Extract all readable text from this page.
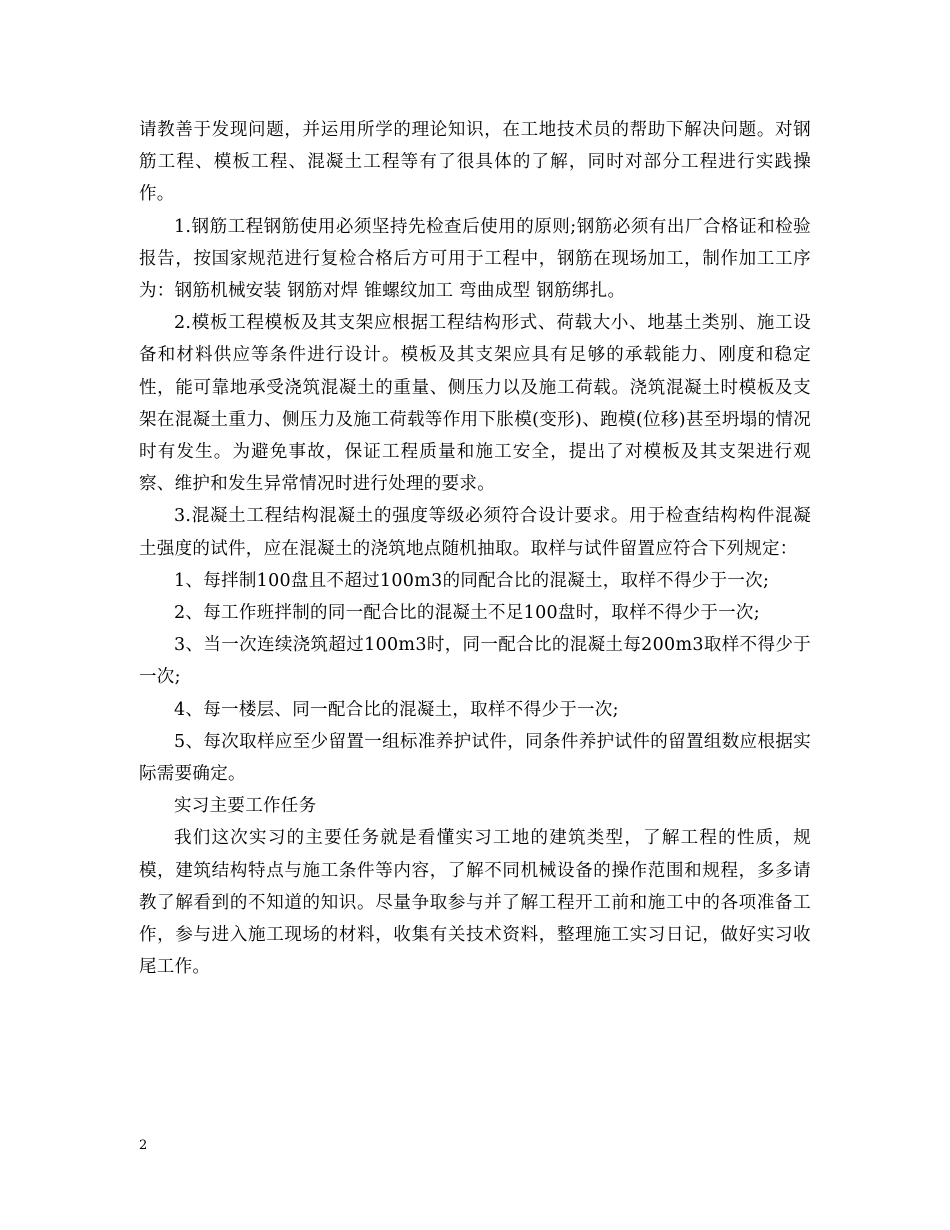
请教善于发现问题，并运用所学的理论知识，在工地技术员的帮助下解决问题。对钢筋工程、模板工程、混凝土工程等有了很具体的了解，同时对部分工程进行实践操作。

1.钢筋工程钢筋使用必须坚持先检查后使用的原则;钢筋必须有出厂合格证和检验报告，按国家规范进行复检合格后方可用于工程中，钢筋在现场加工，制作加工工序为：钢筋机械安装 钢筋对焊 锥螺纹加工 弯曲成型 钢筋绑扎。

2.模板工程模板及其支架应根据工程结构形式、荷载大小、地基土类别、施工设备和材料供应等条件进行设计。模板及其支架应具有足够的承载能力、刚度和稳定性，能可靠地承受浇筑混凝土的重量、侧压力以及施工荷载。浇筑混凝土时模板及支架在混凝土重力、侧压力及施工荷载等作用下胀模(变形)、跑模(位移)甚至坍塌的情况时有发生。为避免事故，保证工程质量和施工安全，提出了对模板及其支架进行观察、维护和发生异常情况时进行处理的要求。

3.混凝土工程结构混凝土的强度等级必须符合设计要求。用于检查结构构件混凝土强度的试件，应在混凝土的浇筑地点随机抽取。取样与试件留置应符合下列规定：

1、每拌制100盘且不超过100m3的同配合比的混凝土，取样不得少于一次;

2、每工作班拌制的同一配合比的混凝土不足100盘时，取样不得少于一次;

3、当一次连续浇筑超过100m3时，同一配合比的混凝土每200m3取样不得少于一次;

4、每一楼层、同一配合比的混凝土，取样不得少于一次;

5、每次取样应至少留置一组标准养护试件，同条件养护试件的留置组数应根据实际需要确定。

实习主要工作任务

我们这次实习的主要任务就是看懂实习工地的建筑类型，了解工程的性质，规模，建筑结构特点与施工条件等内容，了解不同机械设备的操作范围和规程，多多请教了解看到的不知道的知识。尽量争取参与并了解工程开工前和施工中的各项准备工作，参与进入施工现场的材料，收集有关技术资料，整理施工实习日记，做好实习收尾工作。

2
